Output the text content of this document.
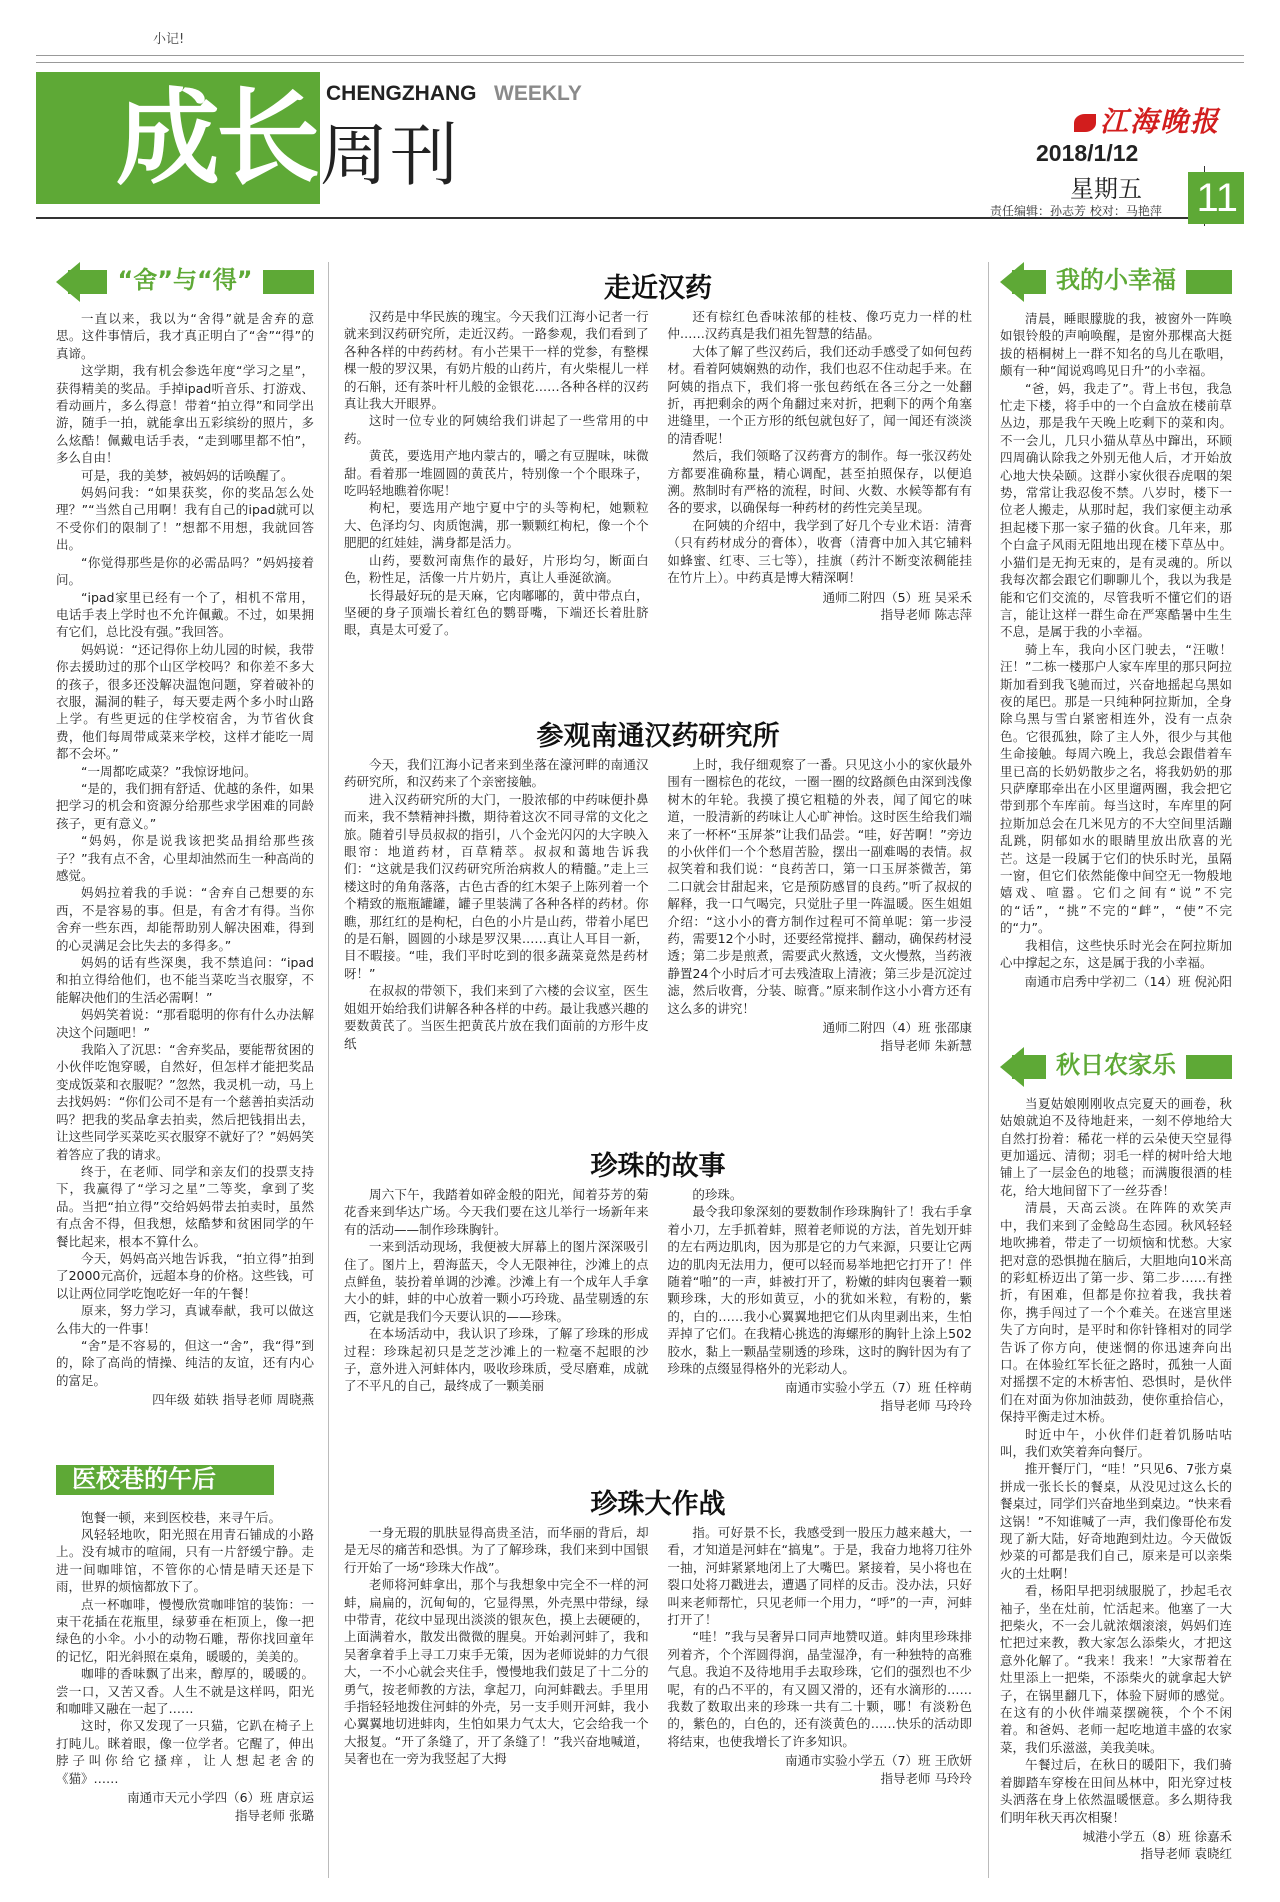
小记!
成长 CHENGZHANG WEEKLY
周刊	江海晚报
2018/1/12
星期五
责任编辑：孙志芳 校对：马艳萍 11
“舍”与“得”

一直以来，我以为“舍得”就是舍弃的意思。这件事情后，我才真正明白了“舍”“得”的真谛。

这学期，我有机会参选年度“学习之星”，获得精美的奖品。手掉ipad听音乐、打游戏、看动画片，多么得意！带着“拍立得”和同学出游，随手一拍，就能拿出五彩缤纷的照片，多么炫酷！佩戴电话手表，“走到哪里都不怕”，多么自由！

可是，我的美梦，被妈妈的话唤醒了。

妈妈问我：“如果获奖，你的奖品怎么处理？”“当然自己用啊！我有自己的ipad就可以不受你们的限制了！”想都不用想，我就回答出。

“你觉得那些是你的必需品吗？”妈妈接着问。

“ipad家里已经有一个了，相机不常用，电话手表上学时也不允许佩戴。不过，如果拥有它们，总比没有强。”我回答。

妈妈说：“还记得你上幼儿园的时候，我带你去援助过的那个山区学校吗？和你差不多大的孩子，很多还没解决温饱问题，穿着破补的衣服，漏洞的鞋子，每天要走两个多小时山路上学。有些更远的住学校宿舍，为节省伙食费，他们每周带咸菜来学校，这样才能吃一周都不会坏。”

“一周都吃咸菜？”我惊讶地问。

“是的，我们拥有舒适、优越的条件，如果把学习的机会和资源分给那些求学困难的同龄孩子，更有意义。”

“妈妈，你是说我该把奖品捐给那些孩子？”我有点不舍，心里却油然而生一种高尚的感觉。

妈妈拉着我的手说：“舍弃自己想要的东西，不是容易的事。但是，有舍才有得。当你舍弃一些东西，却能帮助别人解决困难，得到的心灵满足会比失去的多得多。”

妈妈的话有些深奥，我不禁追问：“ipad和拍立得给他们，也不能当菜吃当衣服穿，不能解决他们的生活必需啊！”

妈妈笑着说：“那看聪明的你有什么办法解决这个问题吧！”

我陷入了沉思：“舍弃奖品，要能帮贫困的小伙伴吃饱穿暖，自然好，但怎样才能把奖品变成饭菜和衣服呢？”忽然，我灵机一动，马上去找妈妈：“你们公司不是有一个慈善拍卖活动吗？把我的奖品拿去拍卖，然后把钱捐出去，让这些同学买菜吃买衣服穿不就好了？”妈妈笑着答应了我的请求。

终于，在老师、同学和亲友们的投票支持下，我赢得了“学习之星”二等奖，拿到了奖品。当把“拍立得”交给妈妈带去拍卖时，虽然有点舍不得，但我想，炫酷梦和贫困同学的午餐比起来，根本不算什么。

今天，妈妈高兴地告诉我，“拍立得”拍到了2000元高价，远超本身的价格。这些钱，可以让两位同学吃饱吃好一年的午餐！

原来，努力学习，真诚奉献，我可以做这么伟大的一件事！

“舍”是不容易的，但这一“舍”，我“得”到的，除了高尚的情操、纯洁的友谊，还有内心的富足。

四年级 茹轶 指导老师 周晓燕
医校巷的午后

饱餐一顿，来到医校巷，来寻午后。

风轻轻地吹，阳光照在用青石铺成的小路上。没有城市的喧闹，只有一片舒缓宁静。走进一间咖啡馆，不管你的心情是晴天还是下雨，世界的烦恼都放下了。

点一杯咖啡，慢慢欣赏咖啡馆的装饰：一束干花插在花瓶里，绿萝垂在柜顶上，像一把绿色的小伞。小小的动物石雕，帮你找回童年的记忆，阳光斜照在桌角，暖暖的，美美的。

咖啡的香味飘了出来，醇厚的，暖暖的。尝一口，又苦又香。人生不就是这样吗，阳光和咖啡又融在一起了……

这时，你又发现了一只猫，它趴在椅子上打盹儿。眯着眼，像一位学者。它醒了，伸出脖子叫你给它搔痒，让人想起老舍的《猫》……

南通市天元小学四（6）班 唐京运
指导老师 张璐
走近汉药

汉药是中华民族的瑰宝。今天我们江海小记者一行就来到汉药研究所，走近汉药。一路参观，我们看到了各种各样的中药药材。有小芒果干一样的党参，有整棵棵一般的罗汉果，有奶片般的山药片，有火柴棍儿一样的石斛，还有茶叶杆儿般的金银花……各种各样的汉药真让我大开眼界。

这时一位专业的阿姨给我们讲起了一些常用的中药。

黄芪，要选用产地内蒙古的，嚼之有豆腥味，味微甜。看着那一堆圆圆的黄芪片，特别像一个个眼珠子，吃吗轻地瞧着你呢！

枸杞，要选用产地宁夏中宁的头等枸杞，她颗粒大、色泽均匀、肉质饱满，那一颗颗红枸杞，像一个个肥肥的红娃娃，满身都是活力。

山药，要数河南焦作的最好，片形均匀，断面白色，粉性足，活像一片片奶片，真让人垂涎欲滴。

长得最好玩的是天麻，它肉嘟嘟的，黄中带点白，坚硬的身子顶端长着红色的鹦哥嘴，下端还长着肚脐眼，真是太可爱了。

还有棕红色香味浓郁的桂枝、像巧克力一样的杜仲……汉药真是我们祖先智慧的结晶。

大体了解了些汉药后，我们还动手感受了如何包药材。看着阿姨娴熟的动作，我们也忍不住动起手来。在阿姨的指点下，我们将一张包药纸在各三分之一处翻折，再把剩余的两个角翻过来对折，把剩下的两个角塞进缝里，一个正方形的纸包就包好了，闻一闻还有淡淡的清香呢！

然后，我们领略了汉药膏方的制作。每一张汉药处方都要准确称量，精心调配，甚至拍照保存，以便追溯。熬制时有严格的流程，时间、火数、水候等都有有各的要求，以确保每一种药材的药性完美呈现。

在阿姨的介绍中，我学到了好几个专业术语：清膏（只有药材成分的膏体），收膏（清膏中加入其它辅料如蜂蜜、红枣、三七等），挂旗（药汁不断变浓稠能挂在竹片上）。中药真是博大精深啊！

通师二附四（5）班 吴采禾
指导老师 陈志萍
参观南通汉药研究所

今天，我们江海小记者来到坐落在濠河畔的南通汉药研究所，和汉药来了个亲密接触。

进入汉药研究所的大门，一股浓郁的中药味便扑鼻而来，我不禁精神抖擞，期待着这次不同寻常的文化之旅。随着引导员叔叔的指引，八个金光闪闪的大字映入眼帘：地道药材，百草精萃。叔叔和蔼地告诉我们：“这就是我们汉药研究所治病救人的精髓。”走上三楼这时的角角落落，古色古香的红木架子上陈列着一个个精致的瓶瓶罐罐，罐子里装满了各种各样的药材。你瞧，那红红的是枸杞，白色的小片是山药，带着小尾巴的是石斛，圆圆的小球是罗汉果……真让人耳目一新，目不暇接。“哇，我们平时吃到的很多蔬菜竟然是药材呀！”

在叔叔的带领下，我们来到了六楼的会议室，医生姐姐开始给我们讲解各种各样的中药。最让我感兴趣的要数黄芪了。当医生把黄芪片放在我们面前的方形牛皮纸

上时，我仔细观察了一番。只见这小小的家伙最外围有一圈棕色的花纹，一圈一圈的纹路颜色由深到浅像树木的年轮。我摸了摸它粗糙的外表，闻了闻它的味道，一股清新的药味让人心旷神怡。这时医生给我们端来了一杯杯“玉屏茶”让我们品尝。“哇，好苦啊！”旁边的小伙伴们一个个愁眉苦脸，摆出一副难喝的表情。叔叔笑着和我们说：“良药苦口，第一口玉屏茶微苦，第二口就会甘甜起来，它是预防感冒的良药。”听了叔叔的解释，我一口气喝完，只觉肚子里一阵温暖。医生姐姐介绍：“这小小的膏方制作过程可不简单呢：第一步浸药，需要12个小时，还要经常搅拌、翻动，确保药材浸透；第二步是煎煮，需要武火熬透，文火慢熬，当药液静置24个小时后才可去残渣取上清液；第三步是沉淀过滤，然后收膏，分装、晾膏。”原来制作这小小膏方还有这么多的讲究！

通师二附四（4）班 张邵康
指导老师 朱新慧
珍珠的故事

周六下午，我踏着如碎金般的阳光，闻着芬芳的菊花香来到华达广场。今天我们要在这儿举行一场新年来有的活动——制作珍珠胸针。

一来到活动现场，我便被大屏幕上的图片深深吸引住了。图片上，碧海蓝天，令人无限神往，沙滩上的点点鲜鱼，装扮着单调的沙滩。沙滩上有一个成年人手拿大小的蚌，蚌的中心放着一颗小巧玲珑、晶莹剔透的东西，它就是我们今天要认识的——珍珠。

在本场活动中，我认识了珍珠，了解了珍珠的形成过程：珍珠起初只是芝芝沙滩上的一粒毫不起眼的沙子，意外进入河蚌体内，吸收珍珠质，受尽磨难，成就了不平凡的自己，最终成了一颗美丽

的珍珠。

最令我印象深刻的要数制作珍珠胸针了！我右手拿着小刀，左手抓着蚌，照着老师说的方法，首先划开蚌的左右两边肌肉，因为那是它的力气来源，只要让它两边的肌肉无法用力，便可以轻而易举地把它打开了！伴随着“啪”的一声，蚌被打开了，粉嫩的蚌肉包裹着一颗颗珍珠，大的形如黄豆，小的犹如米粒，有粉的，紫的，白的……我小心翼翼地把它们从肉里剥出来，生怕弄掉了它们。在我精心挑选的海螺形的胸针上涂上502胶水，黏上一颗晶莹剔透的珍珠，这时的胸针因为有了珍珠的点缀显得格外的光彩动人。

南通市实验小学五（7）班 任梓萌
指导老师 马玲玲
珍珠大作战

一身无瑕的肌肤显得高贵圣洁，而华丽的背后，却是无尽的痛苦和恐惧。为了了解珍珠，我们来到中国银行开始了一场“珍珠大作战”。

老师将河蚌拿出，那个与我想象中完全不一样的河蚌，扁扁的，沉甸甸的，它显得黑，外壳黑中带绿，绿中带青，花纹中显现出淡淡的银灰色，摸上去硬硬的，上面满着水，散发出微微的腥臭。开始剥河蚌了，我和吴奢拿着手上寻工刀束手无策，因为老师说蚌的力气很大，一不小心就会夹住手，慢慢地我们鼓足了十二分的勇气，按老师教的方法，拿起刀，向河蚌戳去。手里用手指轻轻地拨住河蚌的外壳，另一支手则开河蚌，我小心翼翼地切进蚌肉，生怕如果力气太大，它会给我一个大报复。“开了条缝了，开了条缝了！”我兴奋地喊道，吴奢也在一旁为我竖起了大拇

指。可好景不长，我感受到一股压力越来越大，一看，才知道是河蚌在“搞鬼”。于是，我奋力地将刀往外一抽，河蚌紧紧地闭上了大嘴巴。紧接着，吴小将也在裂口处将刀戳进去，遭遇了同样的反击。没办法，只好叫来老师帮忙，只见老师一个用力，“呼”的一声，河蚌打开了！

“哇！”我与吴奢异口同声地赞叹道。蚌肉里珍珠排列着齐，个个浑圆得润，晶莹湿净，有一种独特的高雅气息。我迫不及待地用手去取珍珠，它们的强烈也不少呢，有的凸不平的，有又圆又滑的，还有水滴形的……我数了数取出来的珍珠一共有二十颗，哪！有淡粉色的，紫色的，白色的，还有淡黄色的……快乐的活动即将结束，也使我增长了许多知识。

南通市实验小学五（7）班 王欣妍
指导老师 马玲玲
我的小幸福

清晨，睡眼朦胧的我，被窗外一阵唤如银铃般的声响唤醒，是窗外那棵高大挺拔的梧桐树上一群不知名的鸟儿在歌唱，颇有一种“闻说鸡鸣见日升”的小幸福。

“爸，妈，我走了”。背上书包，我急忙走下楼，将手中的一个白盒放在楼前草丛边，那是我午天晚上吃剩下的菜和肉。不一会儿，几只小猫从草丛中蹿出，环顾四周确认除我之外别无他人后，才开始放心地大快朵颐。这群小家伙很吞虎咽的架势，常常让我忍俊不禁。八岁时，楼下一位老人搬走，从那时起，我们家便主动承担起楼下那一家子猫的伙食。几年来，那个白盒子风雨无阻地出现在楼下草丛中。小猫们是无拘无束的，是有灵魂的。所以我每次都会跟它们聊聊儿个，我以为我是能和它们交流的，尽管我听不懂它们的语言，能让这样一群生命在严寒酷暑中生生不息，是属于我的小幸福。

骑上车，我向小区门驶去，“汪嗷！汪！”二栋一楼那户人家车库里的那只阿拉斯加看到我飞驰而过，兴奋地摇起乌黑如夜的尾巴。那是一只纯种阿拉斯加，全身除乌黑与雪白紧密相连外，没有一点杂色。它很孤独，除了主人外，很少与其他生命接触。每周六晚上，我总会跟借着车里已高的长奶奶散步之名，将我奶奶的那只萨摩耶牵出在小区里遛两圈，我会把它带到那个车库前。每当这时，车库里的阿拉斯加总会在几米见方的不大空间里活蹦乱跳，阴郁如水的眼睛里放出欣喜的光芒。这是一段属于它们的快乐时光，虽隔一窗，但它们依然能像中间空无一物般地嬉戏、喧嚣。它们之间有“说”不完的“话”，“挑”不完的“衅”，“使”不完的“力”。

我相信，这些快乐时光会在阿拉斯加心中撑起之东，这是属于我的小幸福。

南通市启秀中学初二（14）班 倪沁阳
秋日农家乐

当夏姑娘刚刚收点完夏天的画卷，秋姑娘就迫不及待地赶来，一刻不停地给大自然打扮着：稀花一样的云朵使天空显得更加遥远、清彻；羽毛一样的树叶给大地铺上了一层金色的地毯；而满腹很酒的桂花，给大地间留下了一丝芬香！

清晨，天高云淡。在阵阵的欢笑声中，我们来到了金鲶岛生态园。秋风轻轻地吹拂着，带走了一切烦恼和忧愁。大家把对意的恐惧抛在脑后，大胆地向10米高的彩虹桥迈出了第一步、第二步……有挫折，有困难，但都是你拉着我，我扶着你，携手闯过了一个个难关。在迷宫里迷失了方向时，是平时和你针锋相对的同学告诉了你方向，使迷惘的你迅速奔向出口。在体验红军长征之路时，孤独一人面对摇摆不定的木桥害怕、恐惧时，是伙伴们在对面为你加油鼓劲，使你重拾信心，保持平衡走过木桥。

时近中午，小伙伴们赶着饥肠咕咕叫，我们欢笑着奔向餐厅。

推开餐厅门，“哇！”只见6、7张方桌拼成一张长长的餐桌，从没见过这么长的餐桌过，同学们兴奋地坐到桌边。“快来看这锅！”不知谁喊了一声，我们像哥伦布发现了新大陆，好奇地跑到灶边。今天做饭炒菜的可都是我们自己，原来是可以亲柴火的土灶啊！

看，杨阳早把羽绒服脱了，抄起毛衣袖子，坐在灶前，忙活起来。他塞了一大把柴火，不一会儿就浓烟滚滚，妈妈们连忙把过来教，教大家怎么添柴火，才把这意外化解了。“我来！我来！”大家帮着在灶里添上一把柴，不添柴火的就拿起大铲子，在锅里翻几下，体验下厨师的感觉。在这有的小伙伴端菜摆碗筷，个个不闲着。和爸妈、老师一起吃地道丰盛的农家菜，我们乐滋滋，美我美味。

午餐过后，在秋日的暖阳下，我们骑着脚踏车穿梭在田间丛林中，阳光穿过枝头洒落在身上依然温暖惬意。多么期待我们明年秋天再次相聚！

城港小学五（8）班 徐嘉禾
指导老师 袁晓红
